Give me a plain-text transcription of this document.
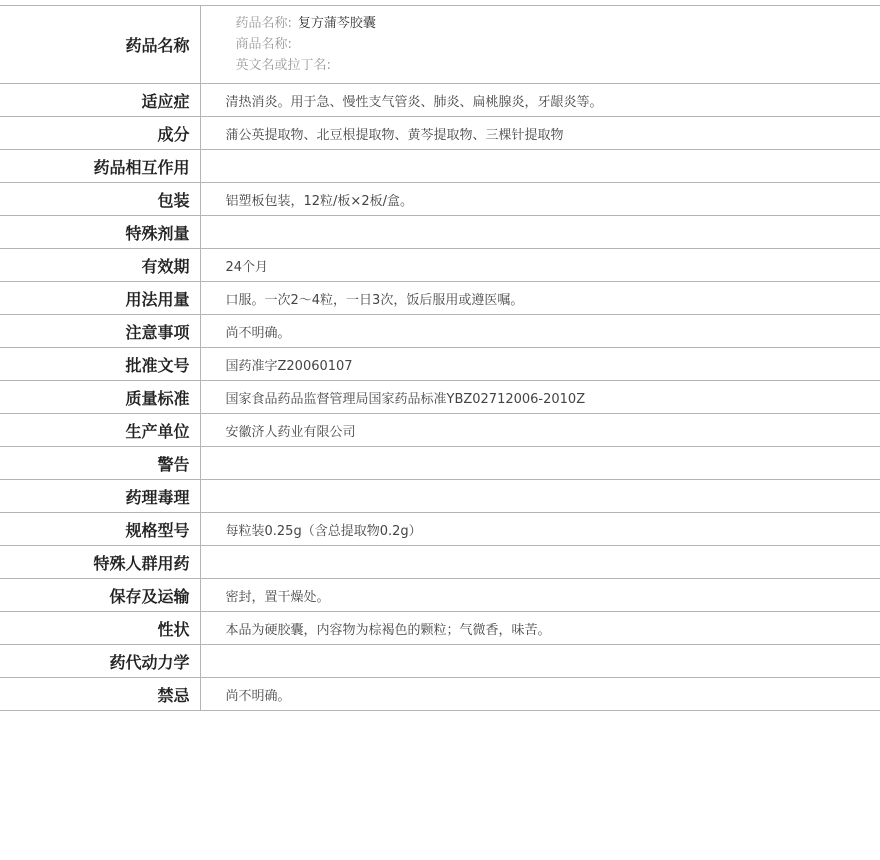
药品名称	药品名称: 复方蒲芩胶囊
商品名称:
英文名或拉丁名:

适应症	清热消炎。用于急、慢性支气管炎、肺炎、扁桃腺炎，牙龈炎等。
成分	蒲公英提取物、北豆根提取物、黄芩提取物、三棵针提取物
药品相互作用	
包装	铝塑板包装，12粒/板×2板/盒。
特殊剂量	
有效期	24个月
用法用量	口服。一次2～4粒，一日3次，饭后服用或遵医嘱。
注意事项	尚不明确。
批准文号	国药准字Z20060107
质量标准	国家食品药品监督管理局国家药品标准YBZ02712006-2010Z
生产单位	安徽济人药业有限公司
警告	
药理毒理	
规格型号	每粒装0.25g（含总提取物0.2g）
特殊人群用药	
保存及运输	密封，置干燥处。
性状	本品为硬胶囊，内容物为棕褐色的颗粒；气微香，味苦。
药代动力学	
禁忌	尚不明确。
